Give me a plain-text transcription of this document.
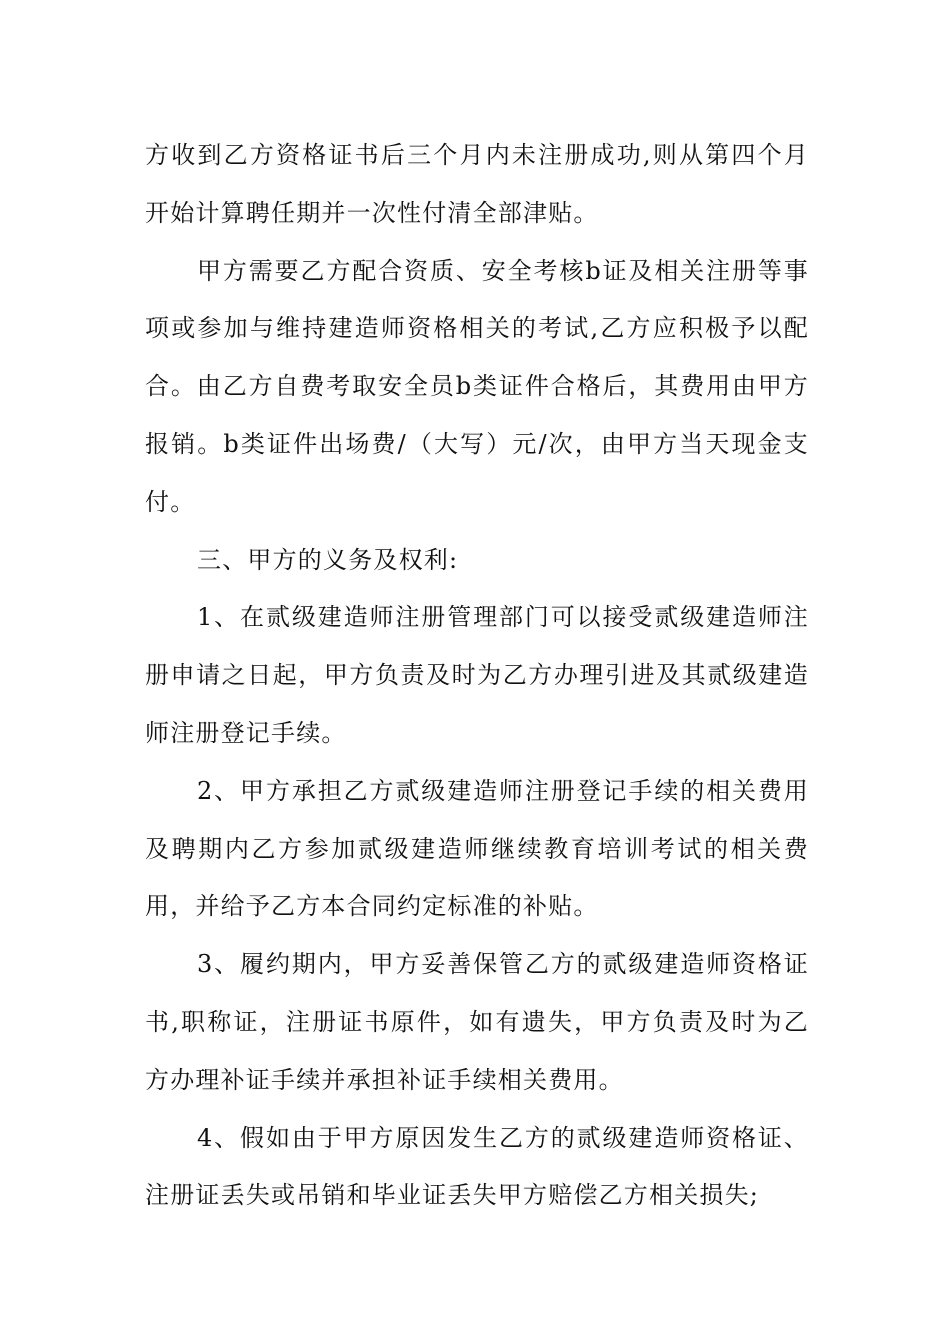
方收到乙方资格证书后三个月内未注册成功,则从第四个月开始计算聘任期并一次性付清全部津贴。

甲方需要乙方配合资质、安全考核b证及相关注册等事项或参加与维持建造师资格相关的考试,乙方应积极予以配合。由乙方自费考取安全员b类证件合格后，其费用由甲方报销。b类证件出场费/（大写）元/次，由甲方当天现金支付。

三、甲方的义务及权利:

1、在贰级建造师注册管理部门可以接受贰级建造师注册申请之日起，甲方负责及时为乙方办理引进及其贰级建造师注册登记手续。

2、甲方承担乙方贰级建造师注册登记手续的相关费用及聘期内乙方参加贰级建造师继续教育培训考试的相关费用，并给予乙方本合同约定标准的补贴。

3、履约期内，甲方妥善保管乙方的贰级建造师资格证书,职称证，注册证书原件，如有遗失，甲方负责及时为乙方办理补证手续并承担补证手续相关费用。

4、假如由于甲方原因发生乙方的贰级建造师资格证、注册证丢失或吊销和毕业证丢失甲方赔偿乙方相关损失;
